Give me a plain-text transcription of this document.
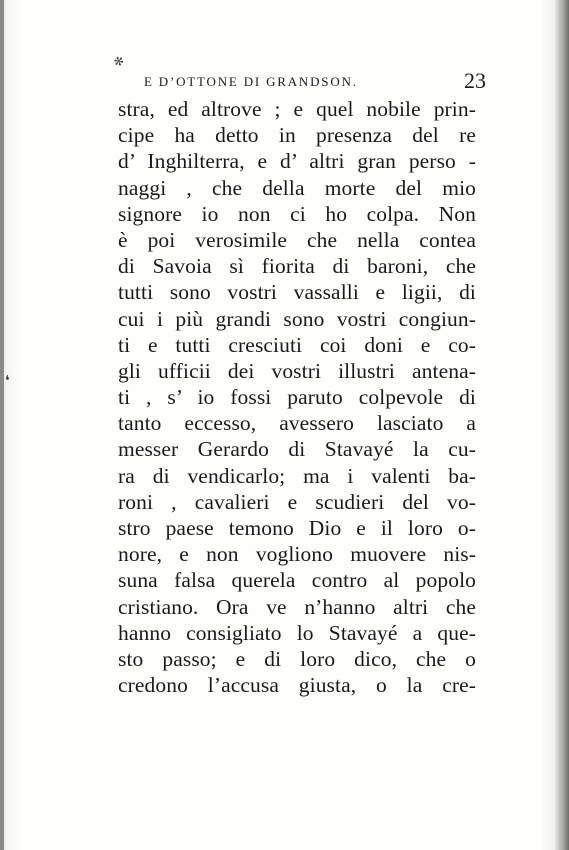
✻
❛
E D’OTTONE DI GRANDSON.	23
stra, ed altrove ; e quel nobile prin-
cipe ha detto in presenza del re
d’ Inghilterra, e d’ altri gran perso -
naggi , che della morte del mio
signore io non ci ho colpa. Non
è poi verosimile che nella contea
di Savoia sì fiorita di baroni, che
tutti sono vostri vassalli e ligii, di
cui i più grandi sono vostri congiun-
ti e tutti cresciuti coi doni e co-
gli ufficii dei vostri illustri antena-
ti , s’ io fossi paruto colpevole di
tanto eccesso, avessero lasciato a
messer Gerardo di Stavayé la cu-
ra di vendicarlo; ma i valenti ba-
roni , cavalieri e scudieri del vo-
stro paese temono Dio e il loro o-
nore, e non vogliono muovere nis-
suna falsa querela contro al popolo
cristiano. Ora ve n’hanno altri che
hanno consigliato lo Stavayé a que-
sto passo; e di loro dico, che o
credono l’accusa giusta, o la cre-
